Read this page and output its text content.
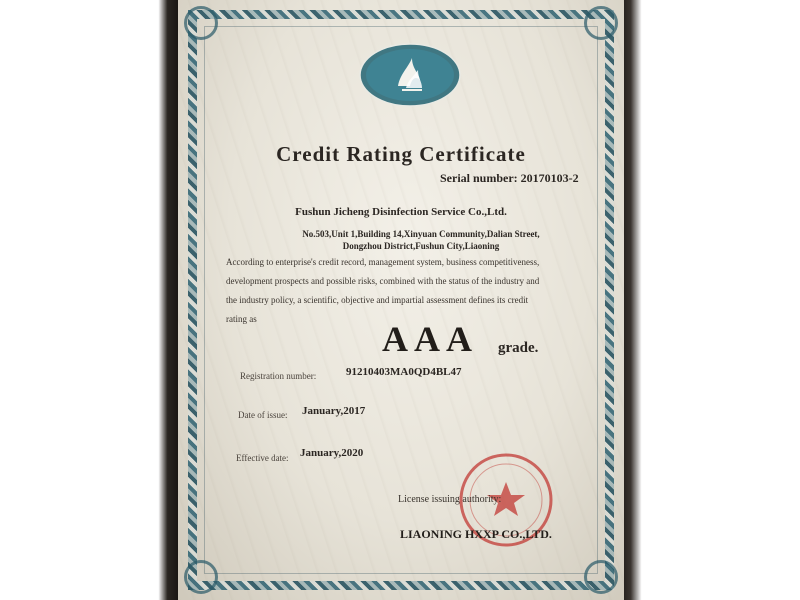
Credit Rating Certificate
Serial number: 20170103-2
Fushun Jicheng Disinfection Service Co.,Ltd.
No.503,Unit 1,Building 14,Xinyuan Community,Dalian Street,
Dongzhou District,Fushun City,Liaoning
According to enterprise's credit record, management system, business competitiveness,
development prospects and possible risks, combined with the status of the industry and
the industry policy, a scientific, objective and impartial assessment defines its credit
rating as	AAA grade.
Registration number:	91210403MA0QD4BL47
Date of issue: January,2017
Effective date: January,2020
License issuing authority:
LIAONING HXXP CO.,LTD.
